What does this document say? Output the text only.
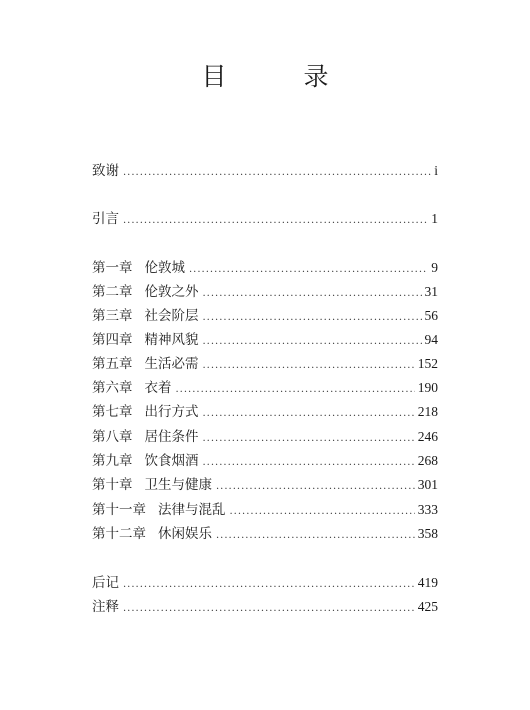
目　录
致谢 .....	i
引言 .....	1
第一章 伦敦城 .....	9
第二章 伦敦之外 .....	31
第三章 社会阶层 .....	56
第四章 精神风貌 .....	94
第五章 生活必需 .....	152
第六章 衣着 .....	190
第七章 出行方式 .....	218
第八章 居住条件 .....	246
第九章 饮食烟酒 .....	268
第十章 卫生与健康 .....	301
第十一章 法律与混乱 .....	333
第十二章 休闲娱乐 .....	358
后记 .....	419
注释 .....	425
